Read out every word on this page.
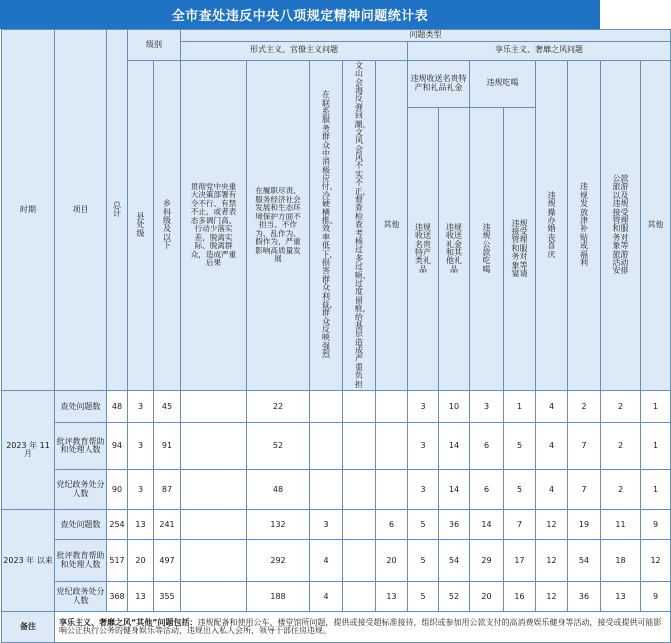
全市查处违反中央八项规定精神问题统计表
时期	项目	总计	级别		问题类型												
					形式主义、官僚主义问题					享乐主义、奢靡之风问题							
			县处级	乡科级及以下	贯彻党中央重大决策部署有令不行、有禁不止，或者表态多调门高、行动少落实差，脱离实际、脱离群众，造成严重后果	在履职尽责、服务经济社会发展和生态环境保护方面不担当、不作为、乱作为、假作为，严重影响高质量发展	在联系服务群众中消极应付、冷硬横推、效率低下，损害群众利益，群众反映强烈	文山会海反弹回潮，文风会风不实不正，督查检查考核过多过频、过度留痕，给基层造成严重负担	其他	违规收送名贵特产和礼品礼金		违规吃喝		违规操办婚丧喜庆	违规发放津补贴或福利	公款旅游以及违规接受管理和服务对象等旅游活动安排	其他
										违规收送名贵特产类礼品	违规收送礼金和其他礼品	违规公款吃喝	违规接受管理和服务对象等宴请				
2023 年 11月	查处问题数	48	3	45		22				3	10	3	1	4	2	2	1
	批评教育帮助和处理人数	94	3	91		52				3	14	6	5	4	7	2	1
	党纪政务处分人数	90	3	87		48				3	14	6	5	4	7	2	1
2023 年 以来	查处问题数	254	13	241		132	3		6	5	36	14	7	12	19	11	9
	批评教育帮助和处理人数	517	20	497		292	4		20	5	54	29	17	12	54	18	12
	党纪政务处分人数	368	13	355		188	4		13	5	52	20	16	12	36	13	9
备注	享乐主义、奢靡之风“其他”问题包括：违规配备和使用公车、楼堂馆所问题，提供或接受超标准接待，组织或参加用公款支付的高消费娱乐健身等活动，接受或提供可能影响公正执行公务的健身娱乐等活动，违规出入私人会所，领导干部住房违规。																
